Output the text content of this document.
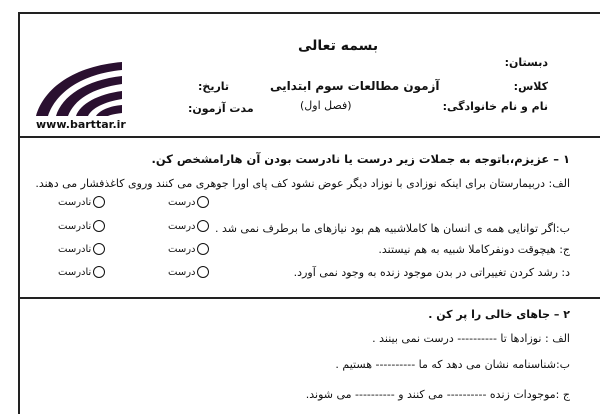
www.barttar.ir
بسمه تعالی
دبستان:
کلاس:
نام و نام خانوادگی:
آزمون مطالعات سوم ابتدایی
(فصل اول)
تاریخ:
مدت آزمون:
۱ – عزیزم،باتوجه به جملات زیر درست یا نادرست بودن آن هارامشخص کن.
الف: دربیمارستان برای اینکه نوزادی با نوزاد دیگر عوض نشود کف پای اورا جوهری می کنند وروی کاغذفشار می دهند.
درست
نادرست
ب:اگر توانایی همه ی انسان ها کاملاشبیه هم بود نیازهای ما برطرف نمی شد .
درست
نادرست
ج: هیچوقت دونفرکاملا شبیه به هم نیستند.
درست
نادرست
د: رشد کردن تغییراتی در بدن موجود زنده به وجود نمی آورد.
درست
نادرست
۲ – جاهای خالی را پر کن .
الف : نوزادها تا ---------- درست نمی بینند .
ب:شناسنامه نشان می دهد که ما ---------- هستیم .
ج :موجودات زنده ---------- می کنند و ---------- می شوند.
